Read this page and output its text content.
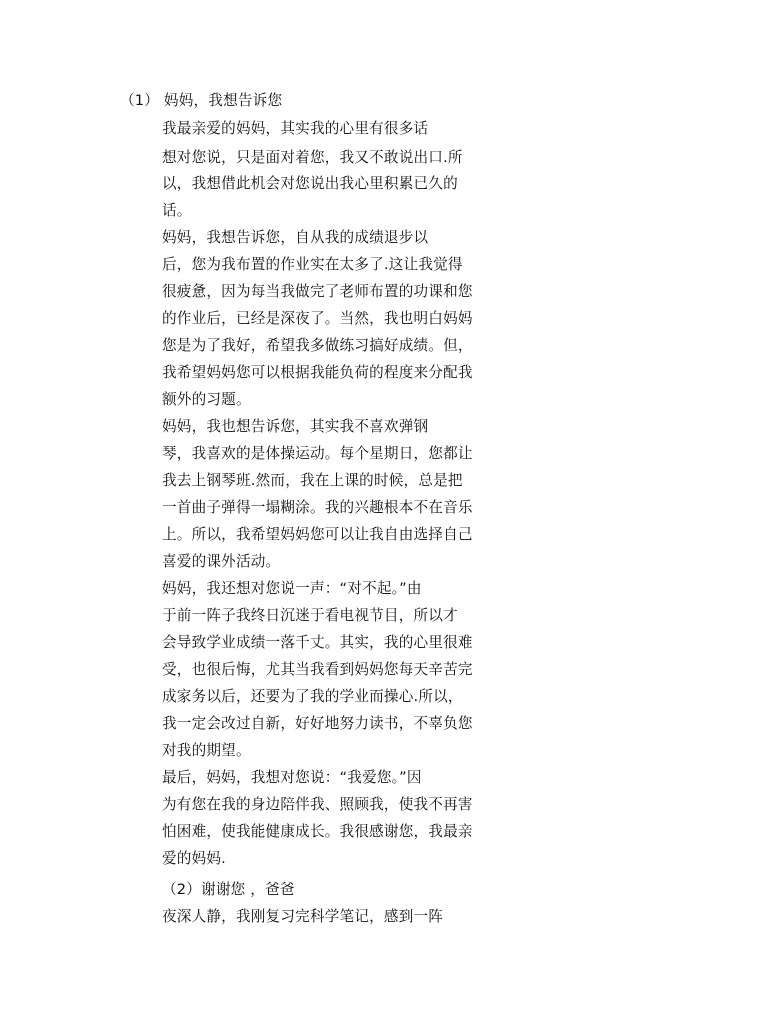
（1） 妈妈，我想告诉您
我最亲爱的妈妈，其实我的心里有很多话
想对您说，只是面对着您，我又不敢说出口.所
以，我想借此机会对您说出我心里积累已久的
话。
妈妈，我想告诉您，自从我的成绩退步以
后，您为我布置的作业实在太多了.这让我觉得
很疲惫，因为每当我做完了老师布置的功课和您
的作业后，已经是深夜了。当然，我也明白妈妈
您是为了我好，希望我多做练习搞好成绩。但，
我希望妈妈您可以根据我能负荷的程度来分配我
额外的习题。
妈妈，我也想告诉您，其实我不喜欢弹钢
琴，我喜欢的是体操运动。每个星期日，您都让
我去上钢琴班.然而，我在上课的时候，总是把
一首曲子弹得一塌糊涂。我的兴趣根本不在音乐
上。所以，我希望妈妈您可以让我自由选择自己
喜爱的课外活动。
妈妈，我还想对您说一声：“对不起。”由
于前一阵子我终日沉迷于看电视节目，所以才
会导致学业成绩一落千丈。其实，我的心里很难
受，也很后悔，尤其当我看到妈妈您每天辛苦完
成家务以后，还要为了我的学业而操心.所以，
我一定会改过自新，好好地努力读书，不辜负您
对我的期望。
最后，妈妈，我想对您说：“我爱您。”因
为有您在我的身边陪伴我、照顾我，使我不再害
怕困难，使我能健康成长。我很感谢您，我最亲
爱的妈妈.
（2）谢谢您 ，爸爸
夜深人静，我刚复习完科学笔记，感到一阵
